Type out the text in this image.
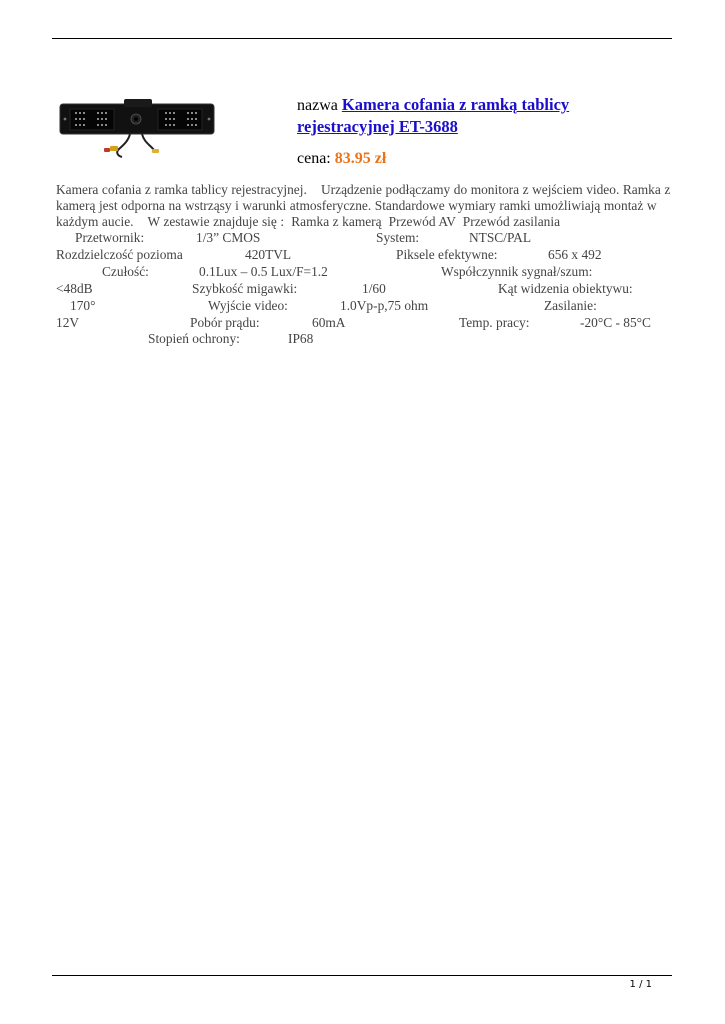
nazwa Kamera cofania z ramką tablicy
rejestracyjnej ET-3688
cena: 83.95 zł
Kamera cofania z ramka tablicy rejestracyjnej.    Urządzenie podłączamy do monitora z wejściem video. Ramka z
kamerą jest odporna na wstrząsy i warunki atmosferyczne. Standardowe wymiary ramki umożliwiają montaż w
każdym aucie.    W zestawie znajduje się :  Ramka z kamerą  Przewód AV  Przewód zasilania
Przetwornik:	1/3” CMOS	System:	NTSC/PAL
Rozdzielczość pozioma	420TVL	Piksele efektywne:	656 x 492
Czułość:	0.1Lux – 0.5 Lux/F=1.2	Współczynnik sygnał/szum:
<48dB	Szybkość migawki:	1/60	Kąt widzenia obiektywu:
170°	Wyjście video:	1.0Vp-p,75 ohm	Zasilanie:
12V	Pobór prądu:	60mA	Temp. pracy:	-20°C - 85°C
Stopień ochrony:	IP68
1 / 1
